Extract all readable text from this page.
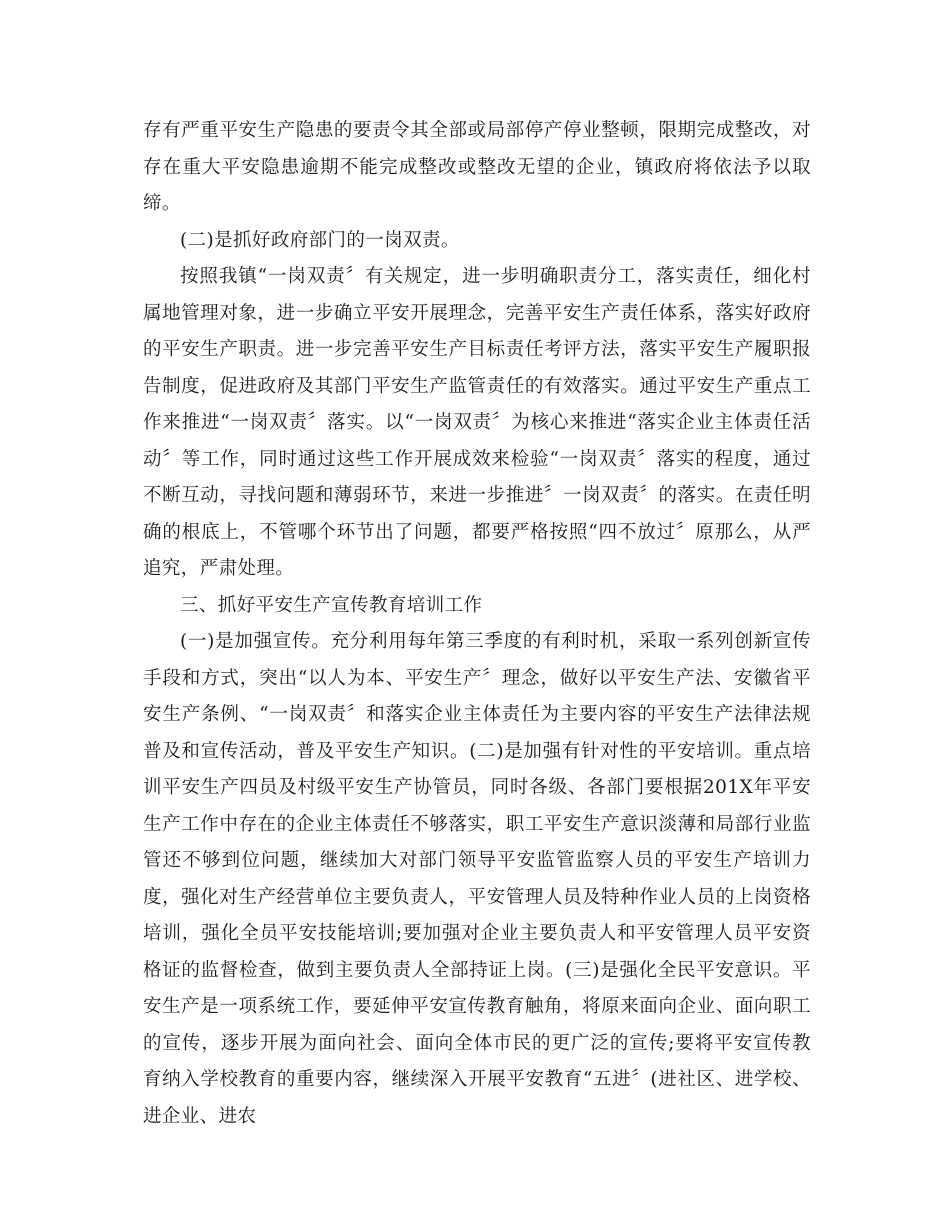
存有严重平安生产隐患的要责令其全部或局部停产停业整顿，限期完成整改，对存在重大平安隐患逾期不能完成整改或整改无望的企业，镇政府将依法予以取缔。

(二)是抓好政府部门的一岗双责。

按照我镇“一岗双责〞有关规定，进一步明确职责分工，落实责任，细化村属地管理对象，进一步确立平安开展理念，完善平安生产责任体系，落实好政府的平安生产职责。进一步完善平安生产目标责任考评方法，落实平安生产履职报告制度，促进政府及其部门平安生产监管责任的有效落实。通过平安生产重点工作来推进“一岗双责〞落实。以“一岗双责〞为核心来推进“落实企业主体责任活动〞等工作，同时通过这些工作开展成效来检验“一岗双责〞落实的程度，通过不断互动，寻找问题和薄弱环节，来进一步推进〞一岗双责〞的落实。在责任明确的根底上，不管哪个环节出了问题，都要严格按照“四不放过〞原那么，从严追究，严肃处理。

三、抓好平安生产宣传教育培训工作

(一)是加强宣传。充分利用每年第三季度的有利时机，采取一系列创新宣传手段和方式，突出“以人为本、平安生产〞理念，做好以平安生产法、安徽省平安生产条例、“一岗双责〞和落实企业主体责任为主要内容的平安生产法律法规普及和宣传活动，普及平安生产知识。(二)是加强有针对性的平安培训。重点培训平安生产四员及村级平安生产协管员，同时各级、各部门要根据201X年平安生产工作中存在的企业主体责任不够落实，职工平安生产意识淡薄和局部行业监管还不够到位问题，继续加大对部门领导平安监管监察人员的平安生产培训力度，强化对生产经营单位主要负责人，平安管理人员及特种作业人员的上岗资格培训，强化全员平安技能培训;要加强对企业主要负责人和平安管理人员平安资格证的监督检查，做到主要负责人全部持证上岗。(三)是强化全民平安意识。平安生产是一项系统工作，要延伸平安宣传教育触角，将原来面向企业、面向职工的宣传，逐步开展为面向社会、面向全体市民的更广泛的宣传;要将平安宣传教育纳入学校教育的重要内容，继续深入开展平安教育“五进〞(进社区、进学校、进企业、进农
